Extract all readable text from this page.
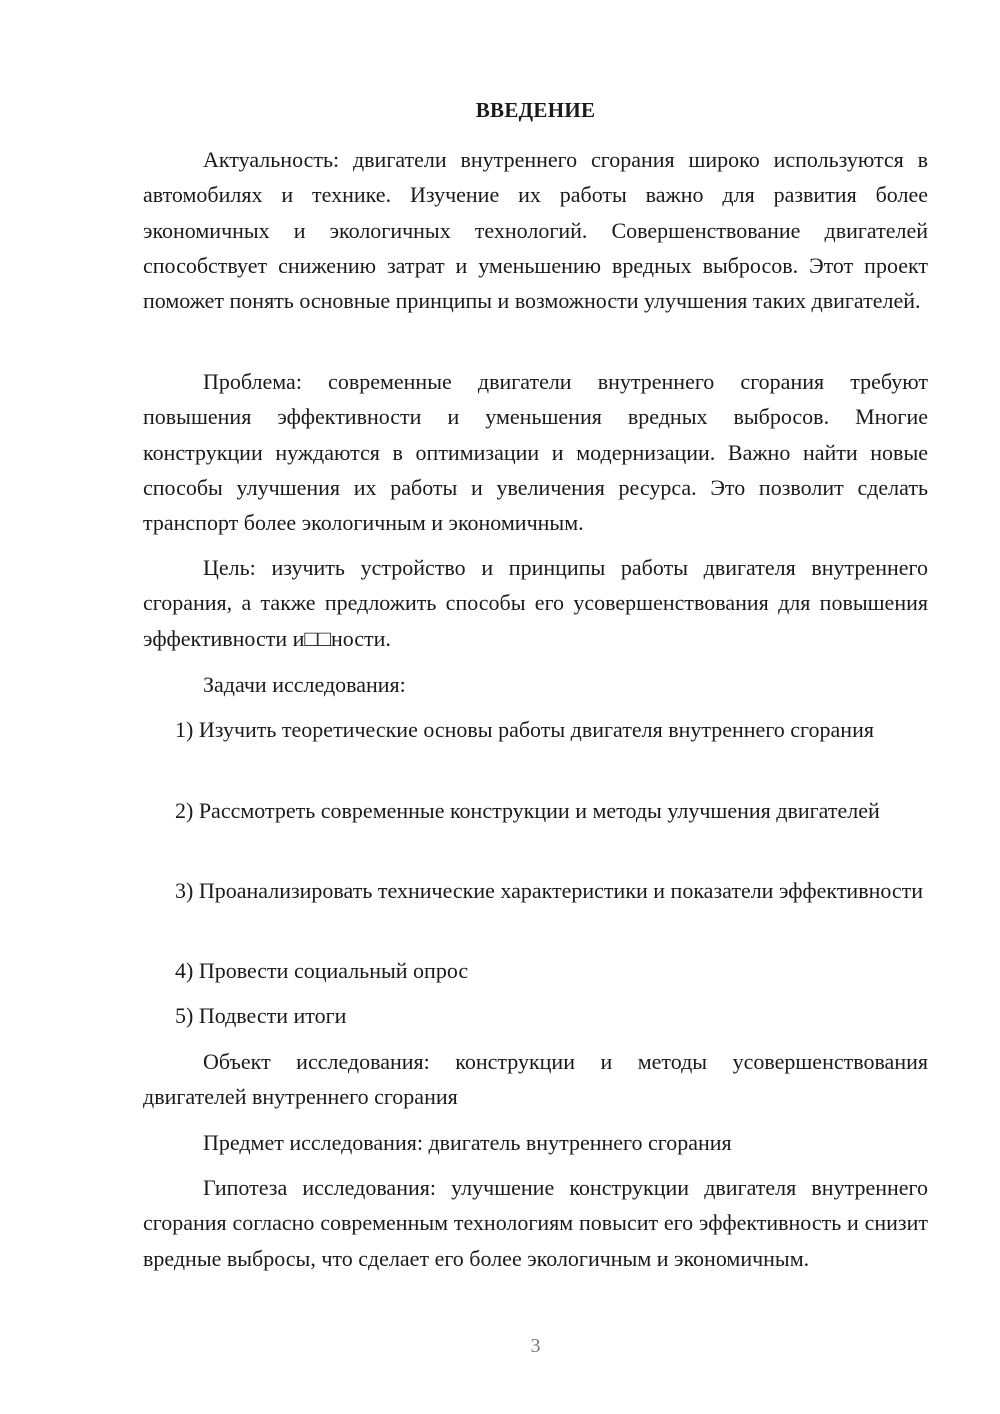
ВВЕДЕНИЕ

Актуальность: двигатели внутреннего сгорания широко используются в автомобилях и технике. Изучение их работы важно для развития более экономичных и экологичных технологий. Совершенствование двигателей способствует снижению затрат и уменьшению вредных выбросов. Этот проект поможет понять основные принципы и возможности улучшения таких двигателей.

Проблема: современные двигатели внутреннего сгорания требуют повышения эффективности и уменьшения вредных выбросов. Многие конструкции нуждаются в оптимизации и модернизации. Важно найти новые способы улучшения их работы и увеличения ресурса. Это позволит сделать транспорт более экологичным и экономичным.

Цель: изучить устройство и принципы работы двигателя внутреннего сгорания, а также предложить способы его усовершенствования для повышения эффективности и□□ности.

Задачи исследования:

1) Изучить теоретические основы работы двигателя внутреннего сгорания

2) Рассмотреть современные конструкции и методы улучшения двигателей

3) Проанализировать технические характеристики и показатели эффективности

4) Провести социальный опрос

5) Подвести итоги

Объект исследования: конструкции и методы усовершенствования двигателей внутреннего сгорания

Предмет исследования: двигатель внутреннего сгорания

Гипотеза исследования: улучшение конструкции двигателя внутреннего сгорания согласно современным технологиям повысит его эффективность и снизит вредные выбросы, что сделает его более экологичным и экономичным.

3
